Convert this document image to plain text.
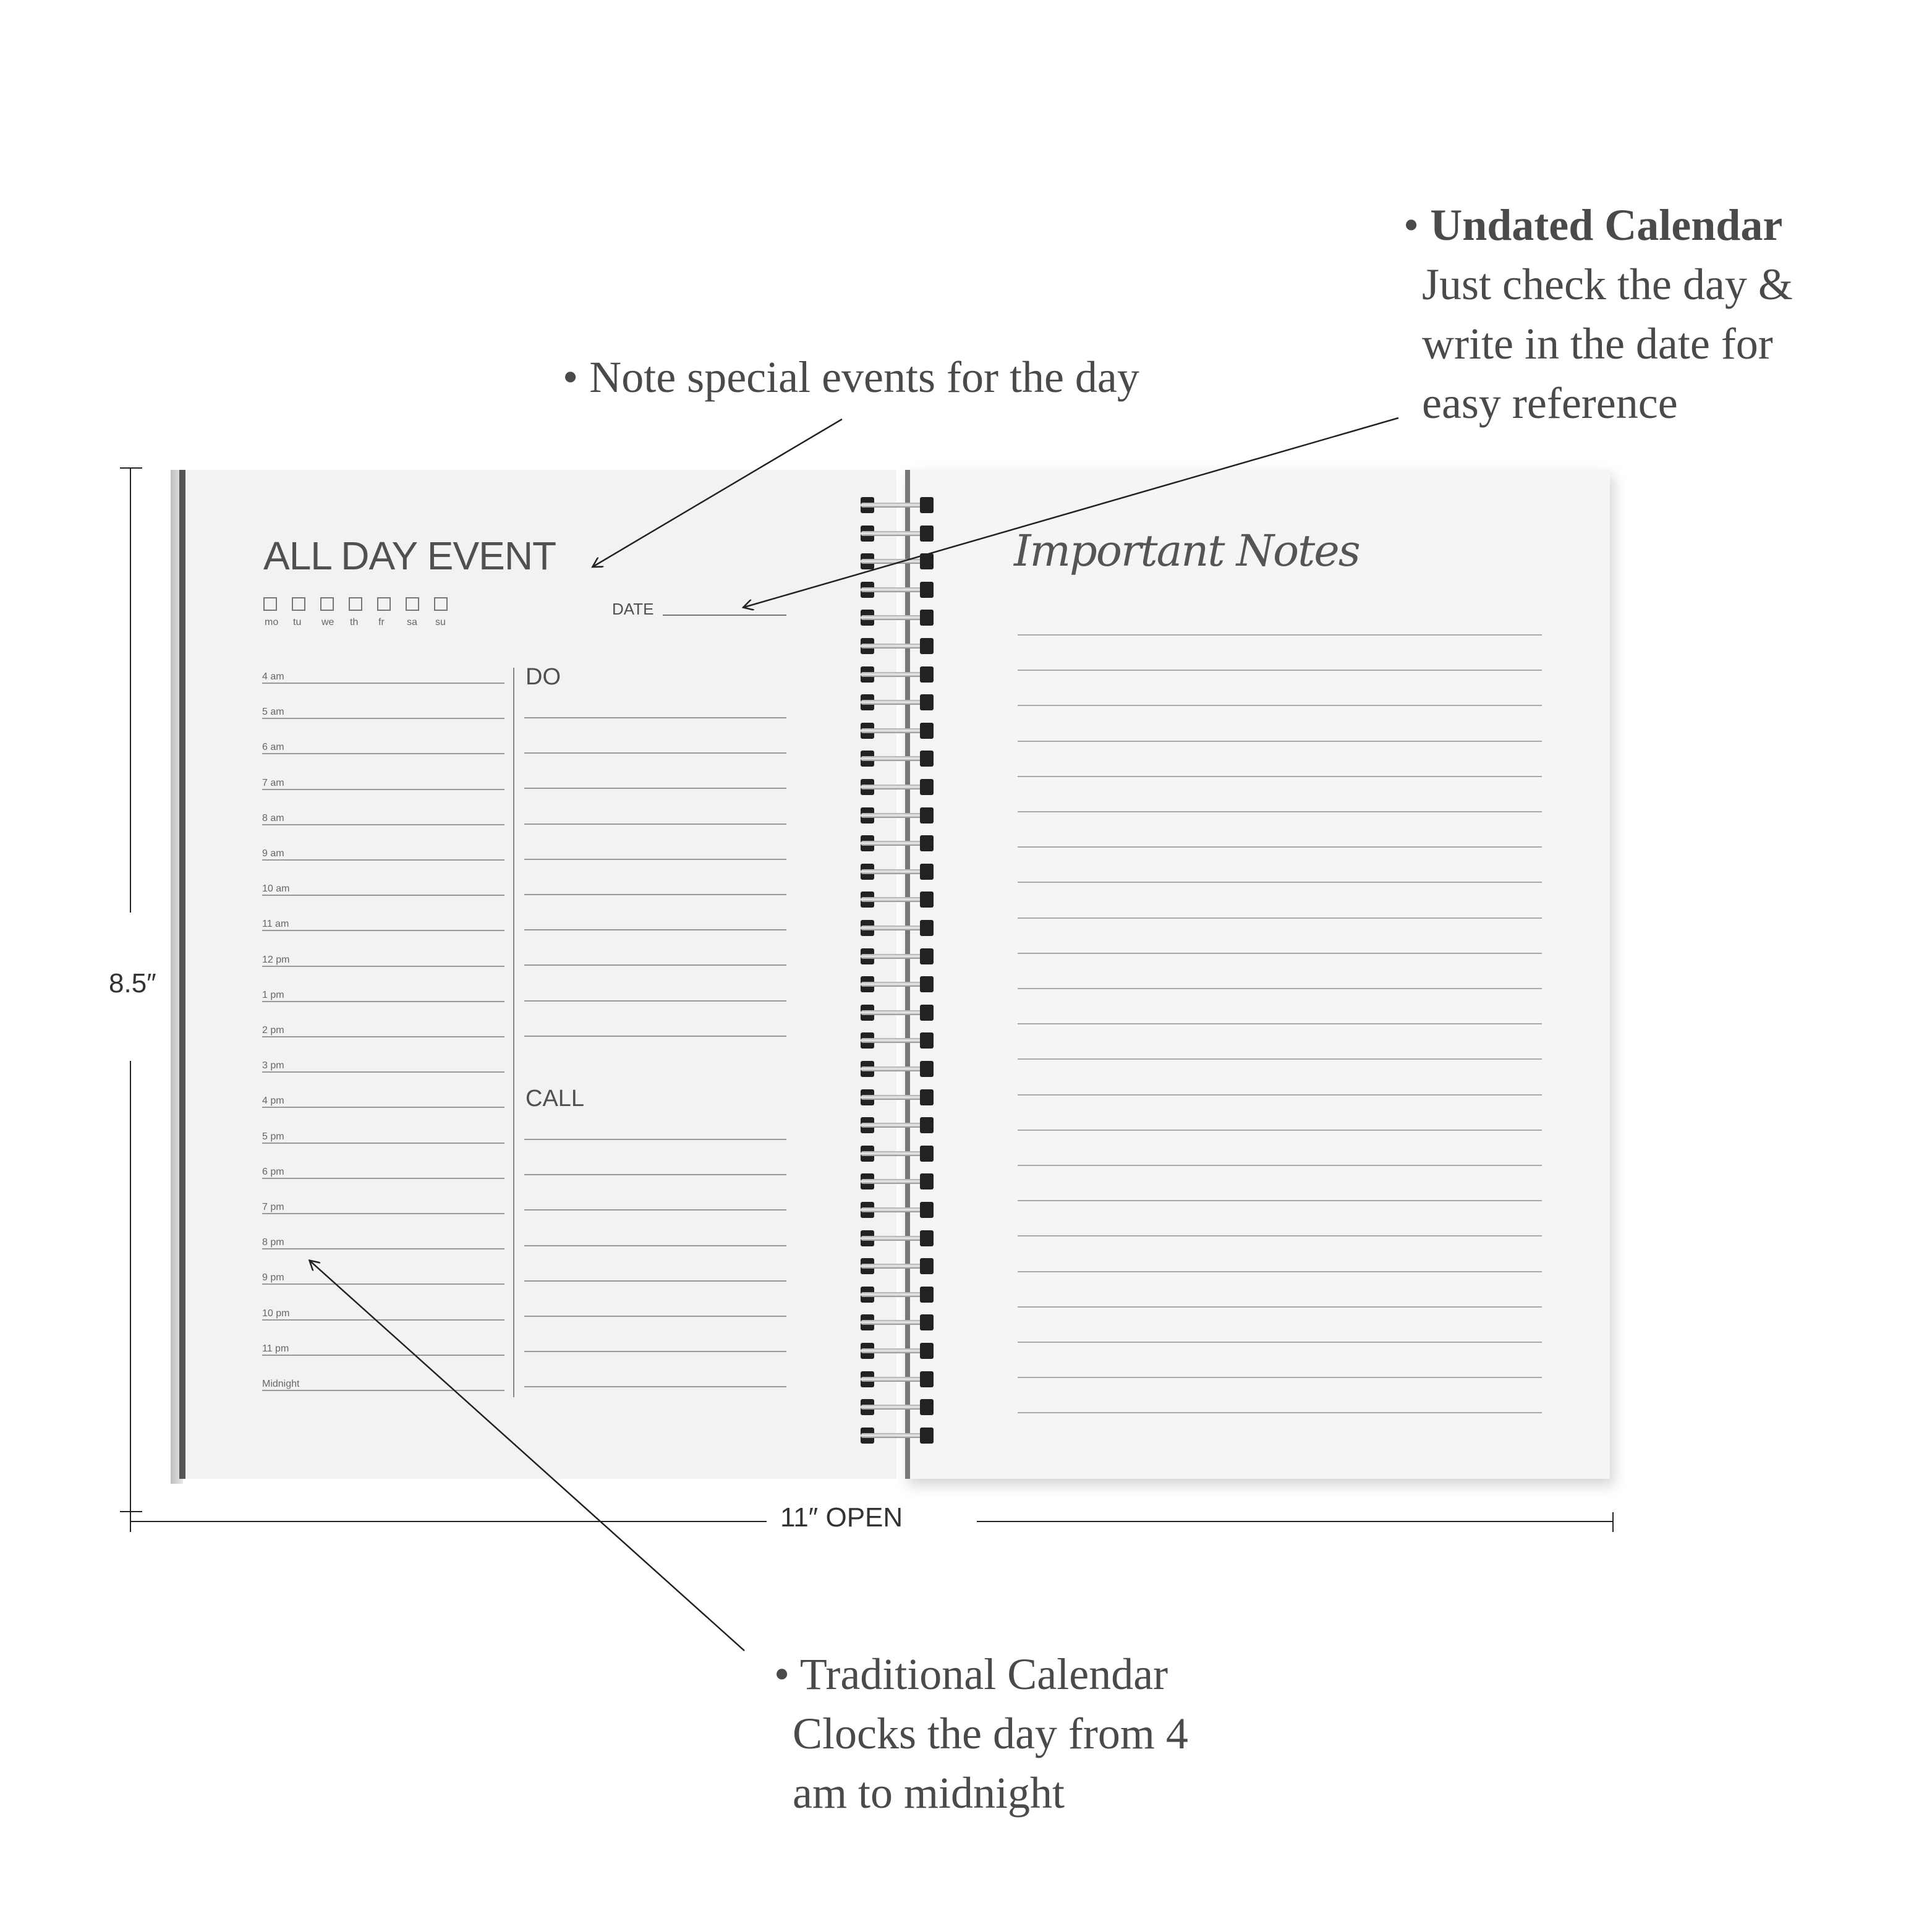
• Note special events for the day
• Undated Calendar
Just check the day &
write in the date for
easy reference
• Traditional Calendar
Clocks the day from 4
am to midnight
ALL DAY EVENT
mo tu we th fr sa su
DATE
4 am
5 am
6 am
7 am
8 am
9 am
10 am
11 am
12 pm
1 pm
2 pm
3 pm
4 pm
5 pm
6 pm
7 pm
8 pm
9 pm
10 pm
11 pm
Midnight
DO
CALL
Important Notes
8.5″
11″ OPEN
